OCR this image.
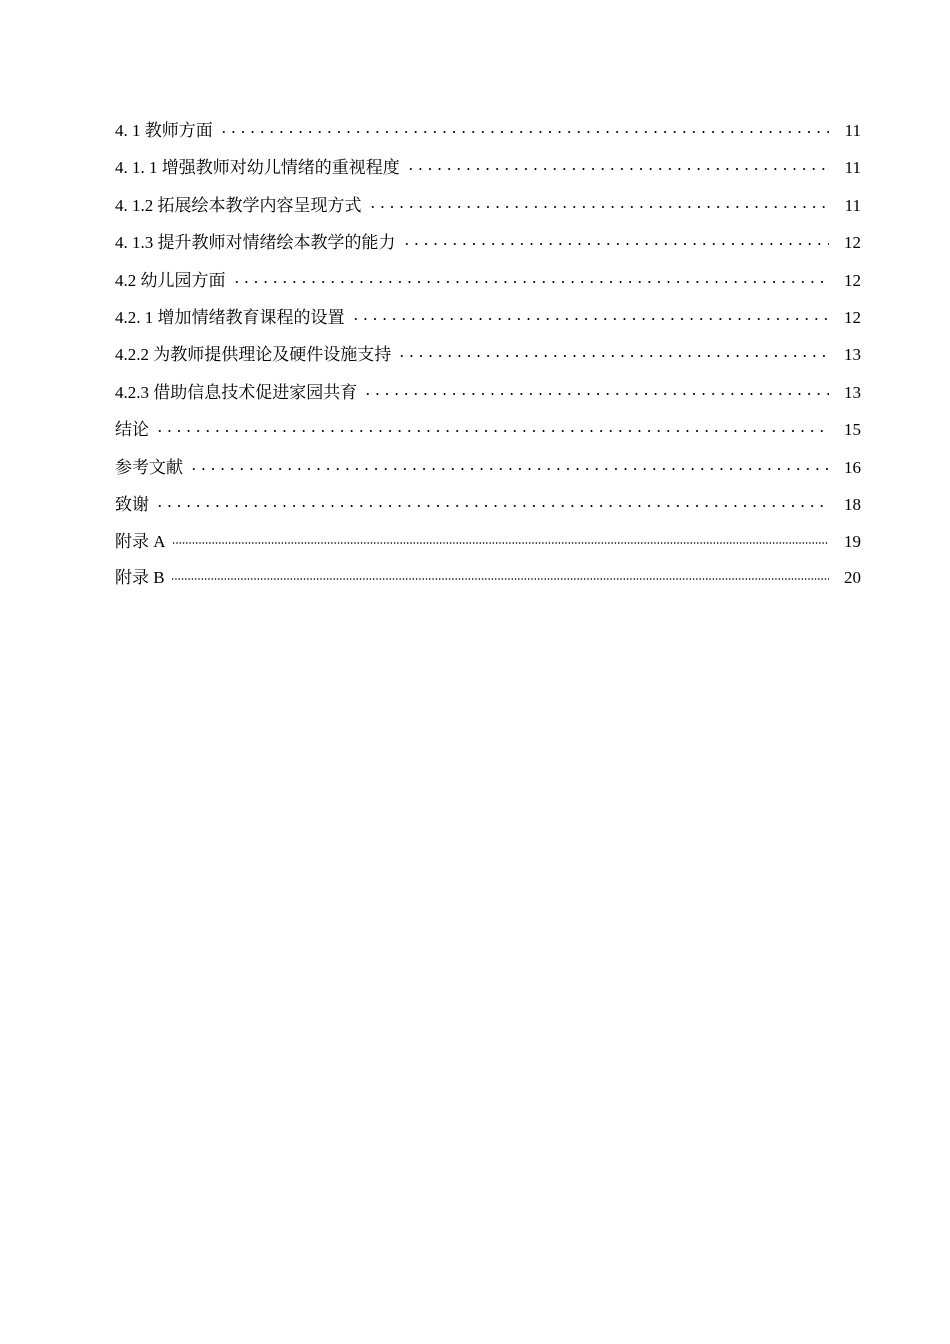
4. 1 教师方面	11
4. 1. 1 增强教师对幼儿情绪的重视程度	11
4. 1.2 拓展绘本教学内容呈现方式	11
4. 1.3 提升教师对情绪绘本教学的能力	12
4.2 幼儿园方面	12
4.2. 1 增加情绪教育课程的设置	12
4.2.2 为教师提供理论及硬件设施支持	13
4.2.3 借助信息技术促进家园共育	13
结论	15
参考文献	16
致谢	18
附录 A	19
附录 B	20
